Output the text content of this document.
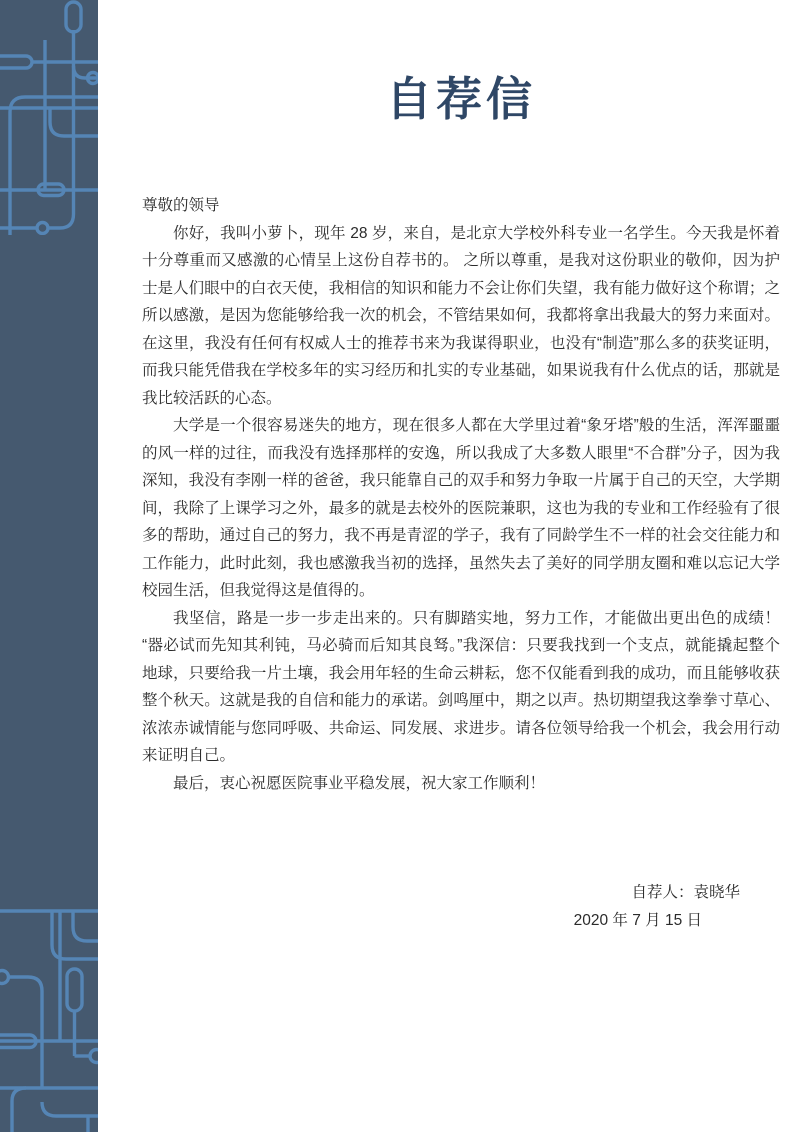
自荐信
尊敬的领导

你好，我叫小萝卜，现年 28 岁，来自，是北京大学校外科专业一名学生。今天我是怀着十分尊重而又感激的心情呈上这份自荐书的。 之所以尊重，是我对这份职业的敬仰，因为护士是人们眼中的白衣天使，我相信的知识和能力不会让你们失望，我有能力做好这个称谓；之所以感激，是因为您能够给我一次的机会，不管结果如何，我都将拿出我最大的努力来面对。在这里，我没有任何有权威人士的推荐书来为我谋得职业，也没有“制造”那么多的获奖证明，而我只能凭借我在学校多年的实习经历和扎实的专业基础，如果说我有什么优点的话，那就是我比较活跃的心态。

大学是一个很容易迷失的地方，现在很多人都在大学里过着“象牙塔”般的生活，浑浑噩噩的风一样的过往，而我没有选择那样的安逸，所以我成了大多数人眼里“不合群”分子，因为我深知，我没有李刚一样的爸爸，我只能靠自己的双手和努力争取一片属于自己的天空，大学期间，我除了上课学习之外，最多的就是去校外的医院兼职，这也为我的专业和工作经验有了很多的帮助，通过自己的努力，我不再是青涩的学子，我有了同龄学生不一样的社会交往能力和工作能力，此时此刻，我也感激我当初的选择，虽然失去了美好的同学朋友圈和难以忘记大学校园生活，但我觉得这是值得的。

我坚信，路是一步一步走出来的。只有脚踏实地，努力工作，才能做出更出色的成绩！“器必试而先知其利钝，马必骑而后知其良驽。”我深信：只要我找到一个支点，就能撬起整个地球，只要给我一片土壤，我会用年轻的生命云耕耘，您不仅能看到我的成功，而且能够收获整个秋天。这就是我的自信和能力的承诺。剑鸣厘中，期之以声。热切期望我这拳拳寸草心、浓浓赤诚情能与您同呼吸、共命运、同发展、求进步。请各位领导给我一个机会，我会用行动来证明自己。

最后，衷心祝愿医院事业平稳发展，祝大家工作顺利！

自荐人：袁晓华
2020 年 7 月 15 日
